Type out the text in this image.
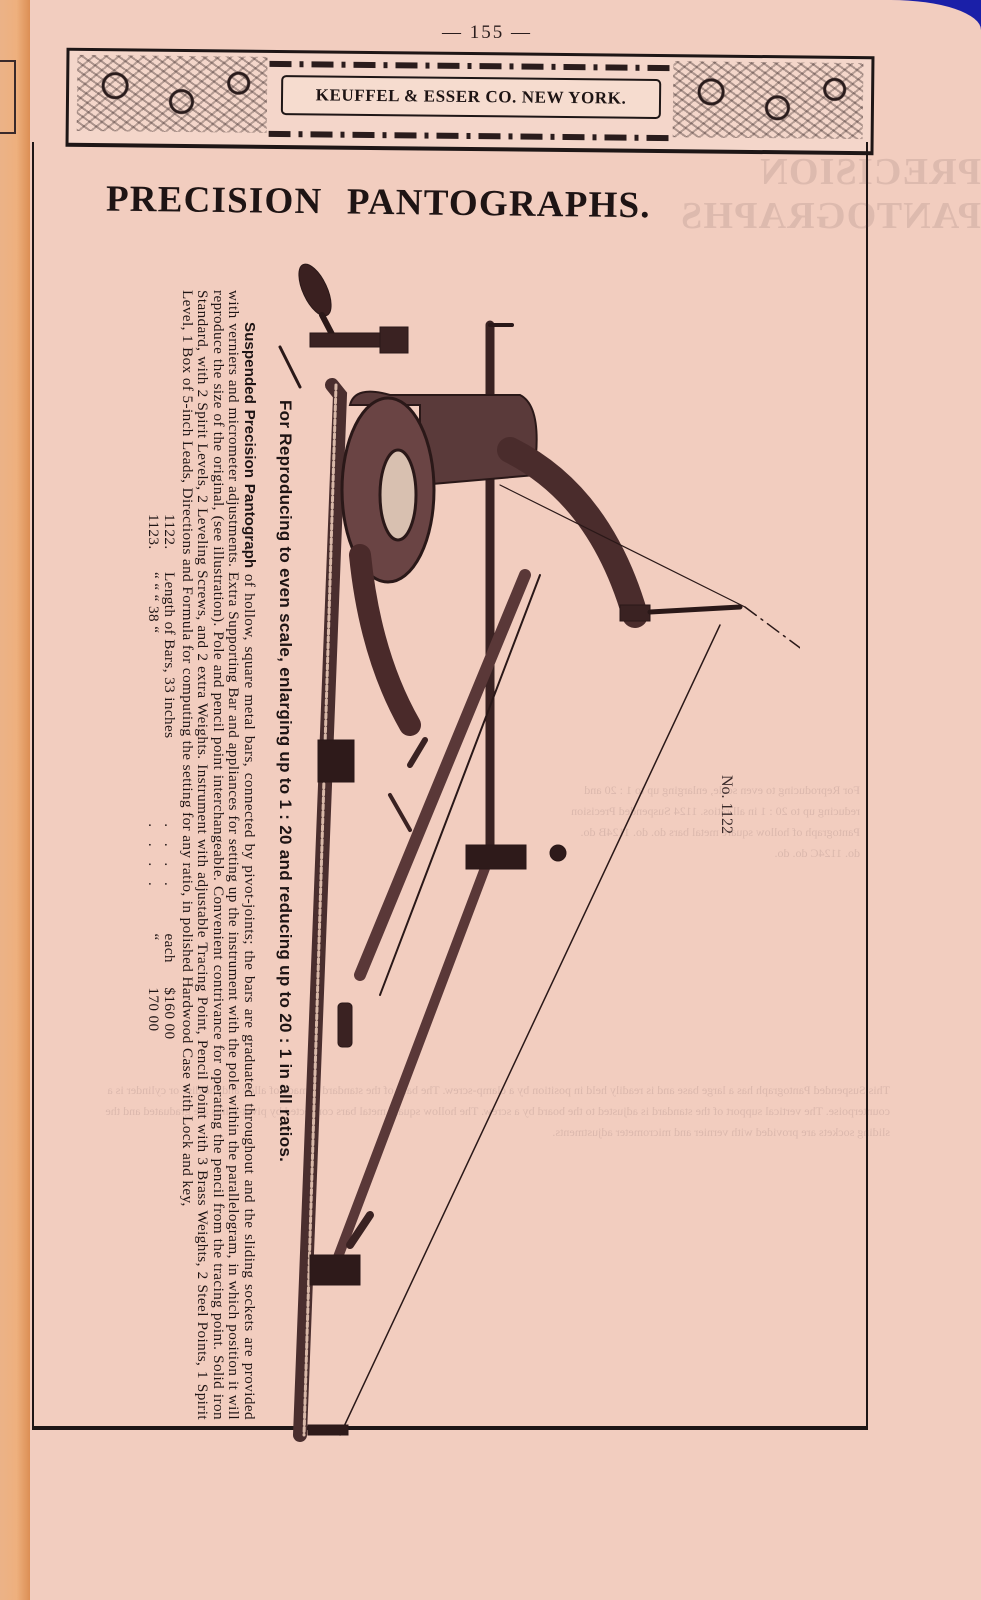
— 155 —
KEUFFEL & ESSER CO. NEW YORK.
PRECISION PANTOGRAPHS
For Reproducing to even scale, enlarging up to 1 : 20 and reducing up to 20 : 1 in all ratios. 1124 Suspended Precision Pantograph of hollow square metal bars do. do. 1124B do. do. 1124C do. do.
This Suspended Pantograph has a large base and is readily held in position by a clamp-screw. The base of the standard is made of alloy and the disc or cylinder is a counterpoise. The vertical support of the standard is adjusted to the board by a screw. The hollow square metal bars connected by pivot-joints are graduated and the sliding sockets are provided with vernier and micrometer adjustments.
PRECISION PANTOGRAPHS.
No. 1122
For Reproducing to even scale, enlarging up to 1 : 20 and reducing up to 20 : 1 in all ratios.

Suspended Precision Pantograph of hollow, square metal bars, connected by pivot-joints; the bars are graduated throughout and the sliding sockets are provided with verniers and micrometer adjustments. Extra Supporting Bar and appliances for setting up the instrument with the pole within the parallelogram, in which position it will reproduce the size of the original, (see illustration). Pole and pencil point interchangeable. Convenient contrivance for operating the pencil from the tracing point. Solid iron Standard, with 2 Spirit Levels, 2 Leveling Screws, and 2 extra Weights. Instrument with adjustable Tracing Point, Pencil Point with 3 Brass Weights, 2 Steel Points, 1 Spirit Level, 1 Box of 5-inch Leads, Directions and Formula for computing the setting for any ratio, in polished Hardwood Case with Lock and key,

1122.	Length of Bars, 33 inches	. . . .	each	$160 00
1123.	“ “ “ 38 “	. . . .	“	170 00
